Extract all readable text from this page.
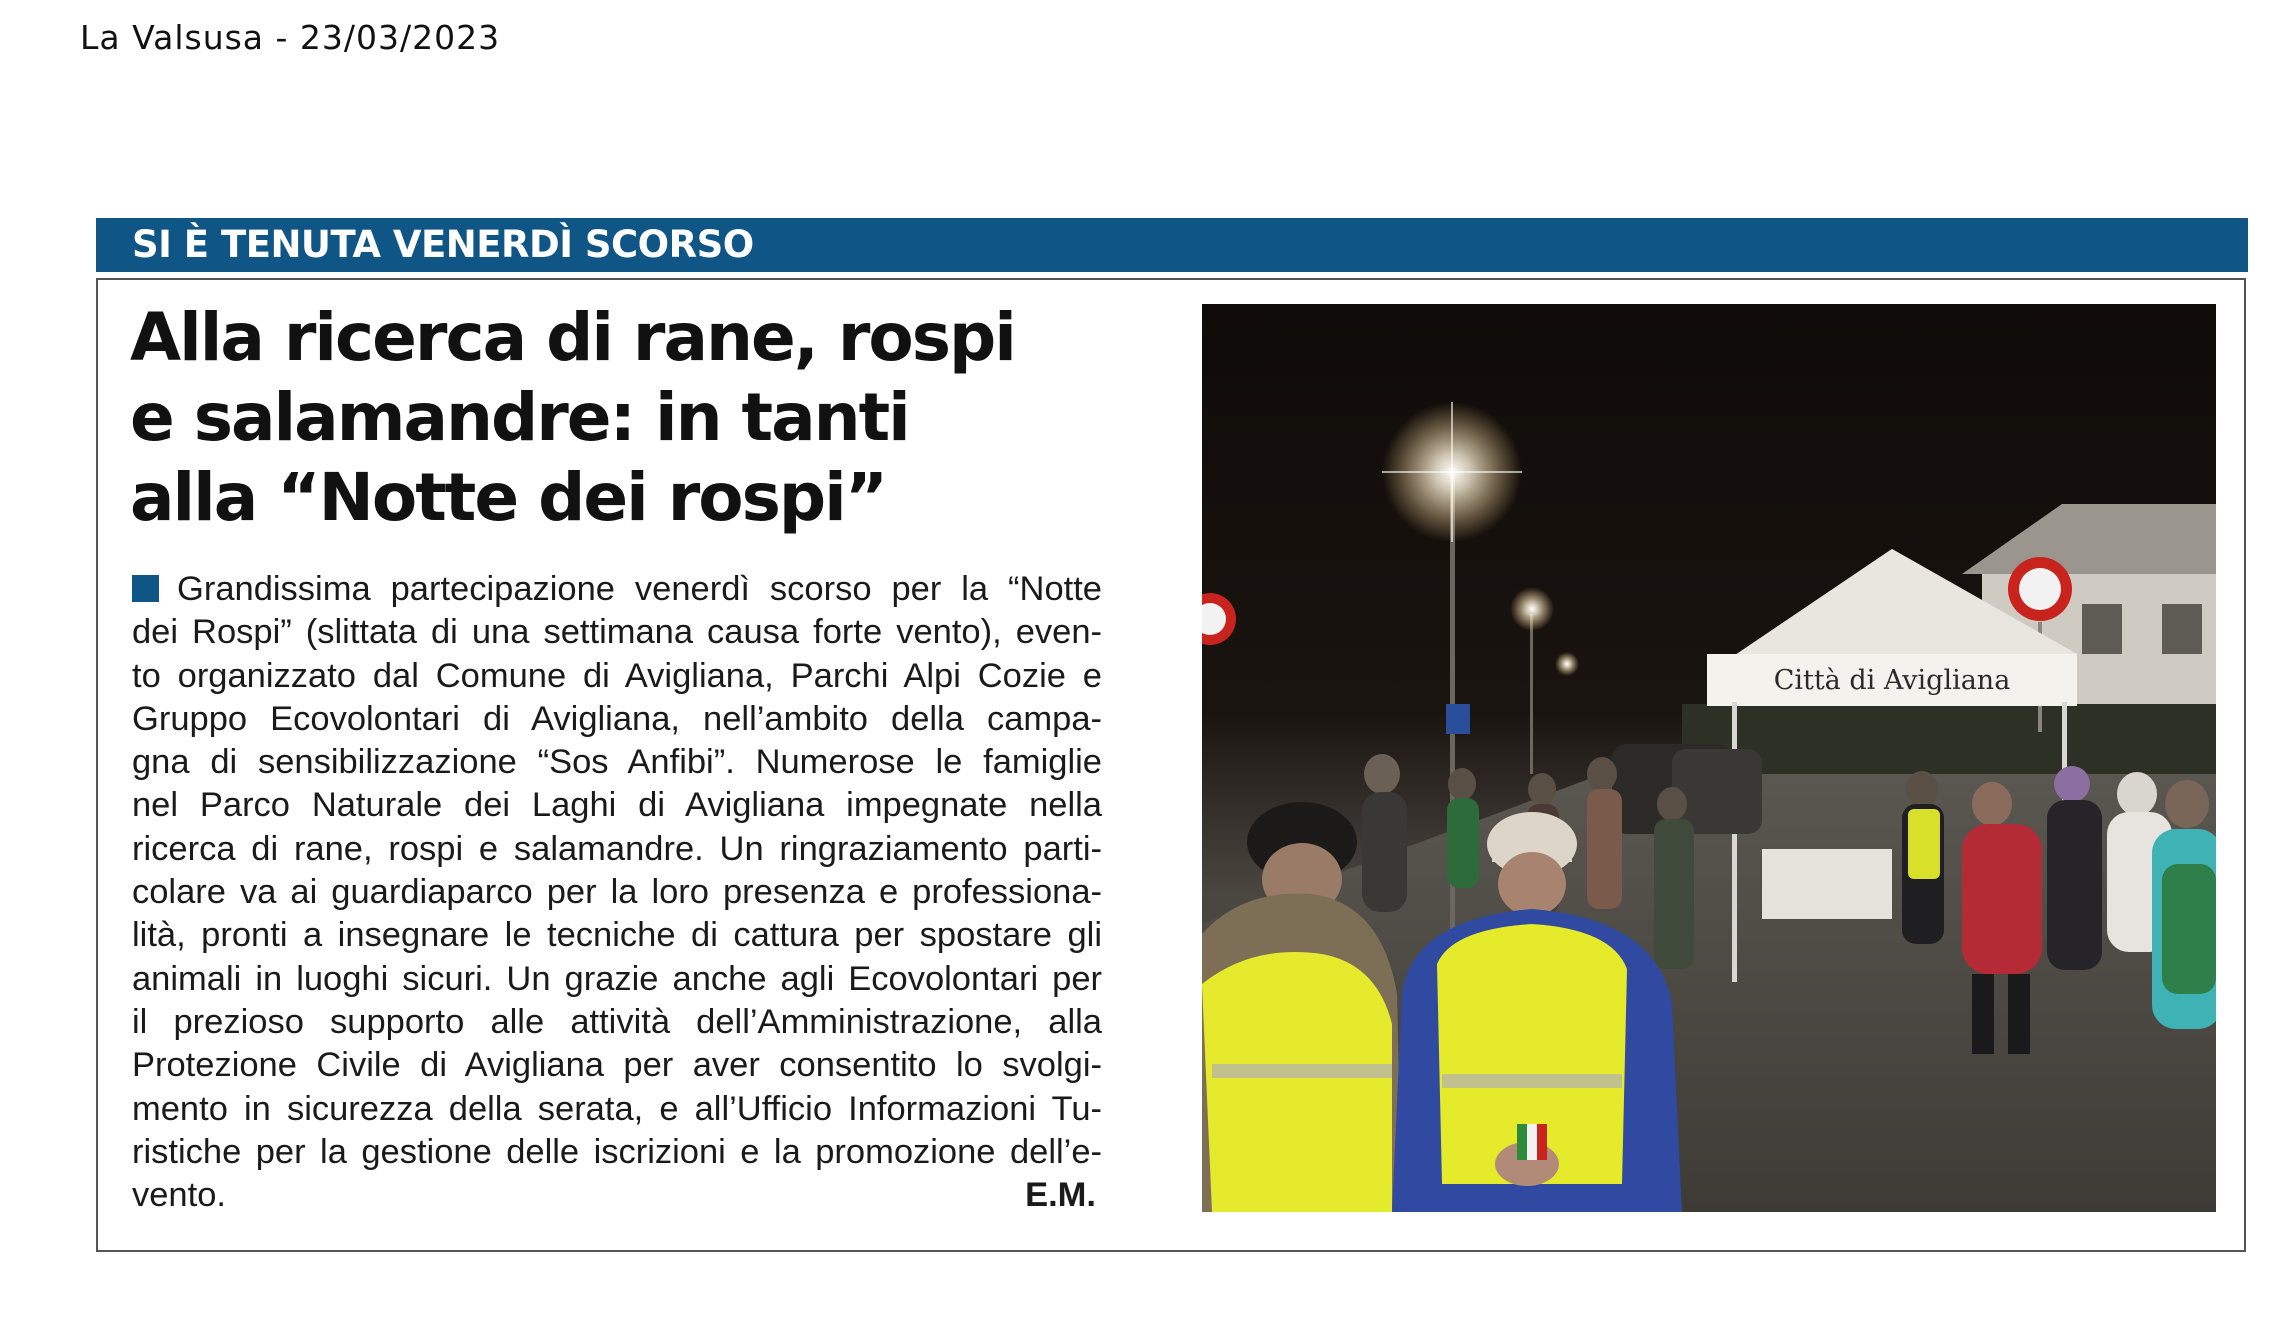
La Valsusa - 23/03/2023
SI È TENUTA VENERDÌ SCORSO
Alla ricerca di rane, rospi
e salamandre: in tanti
alla “Notte dei rospi”
Grandissima partecipazione venerdì scorso per la “Notte
dei Rospi” (slittata di una settimana causa forte vento), even-
to organizzato dal Comune di Avigliana, Parchi Alpi Cozie e
Gruppo Ecovolontari di Avigliana, nell’ambito della campa-
gna di sensibilizzazione “Sos Anfibi”. Numerose le famiglie
nel Parco Naturale dei Laghi di Avigliana impegnate nella
ricerca di rane, rospi e salamandre. Un ringraziamento parti-
colare va ai guardiaparco per la loro presenza e professiona-
lità, pronti a insegnare le tecniche di cattura per spostare gli
animali in luoghi sicuri. Un grazie anche agli Ecovolontari per
il prezioso supporto alle attività dell’Amministrazione, alla
Protezione Civile di Avigliana per aver consentito lo svolgi-
mento in sicurezza della serata, e all’Ufficio Informazioni Tu-
ristiche per la gestione delle iscrizioni e la promozione dell’e-
vento.	E.M.
Città di Avigliana
